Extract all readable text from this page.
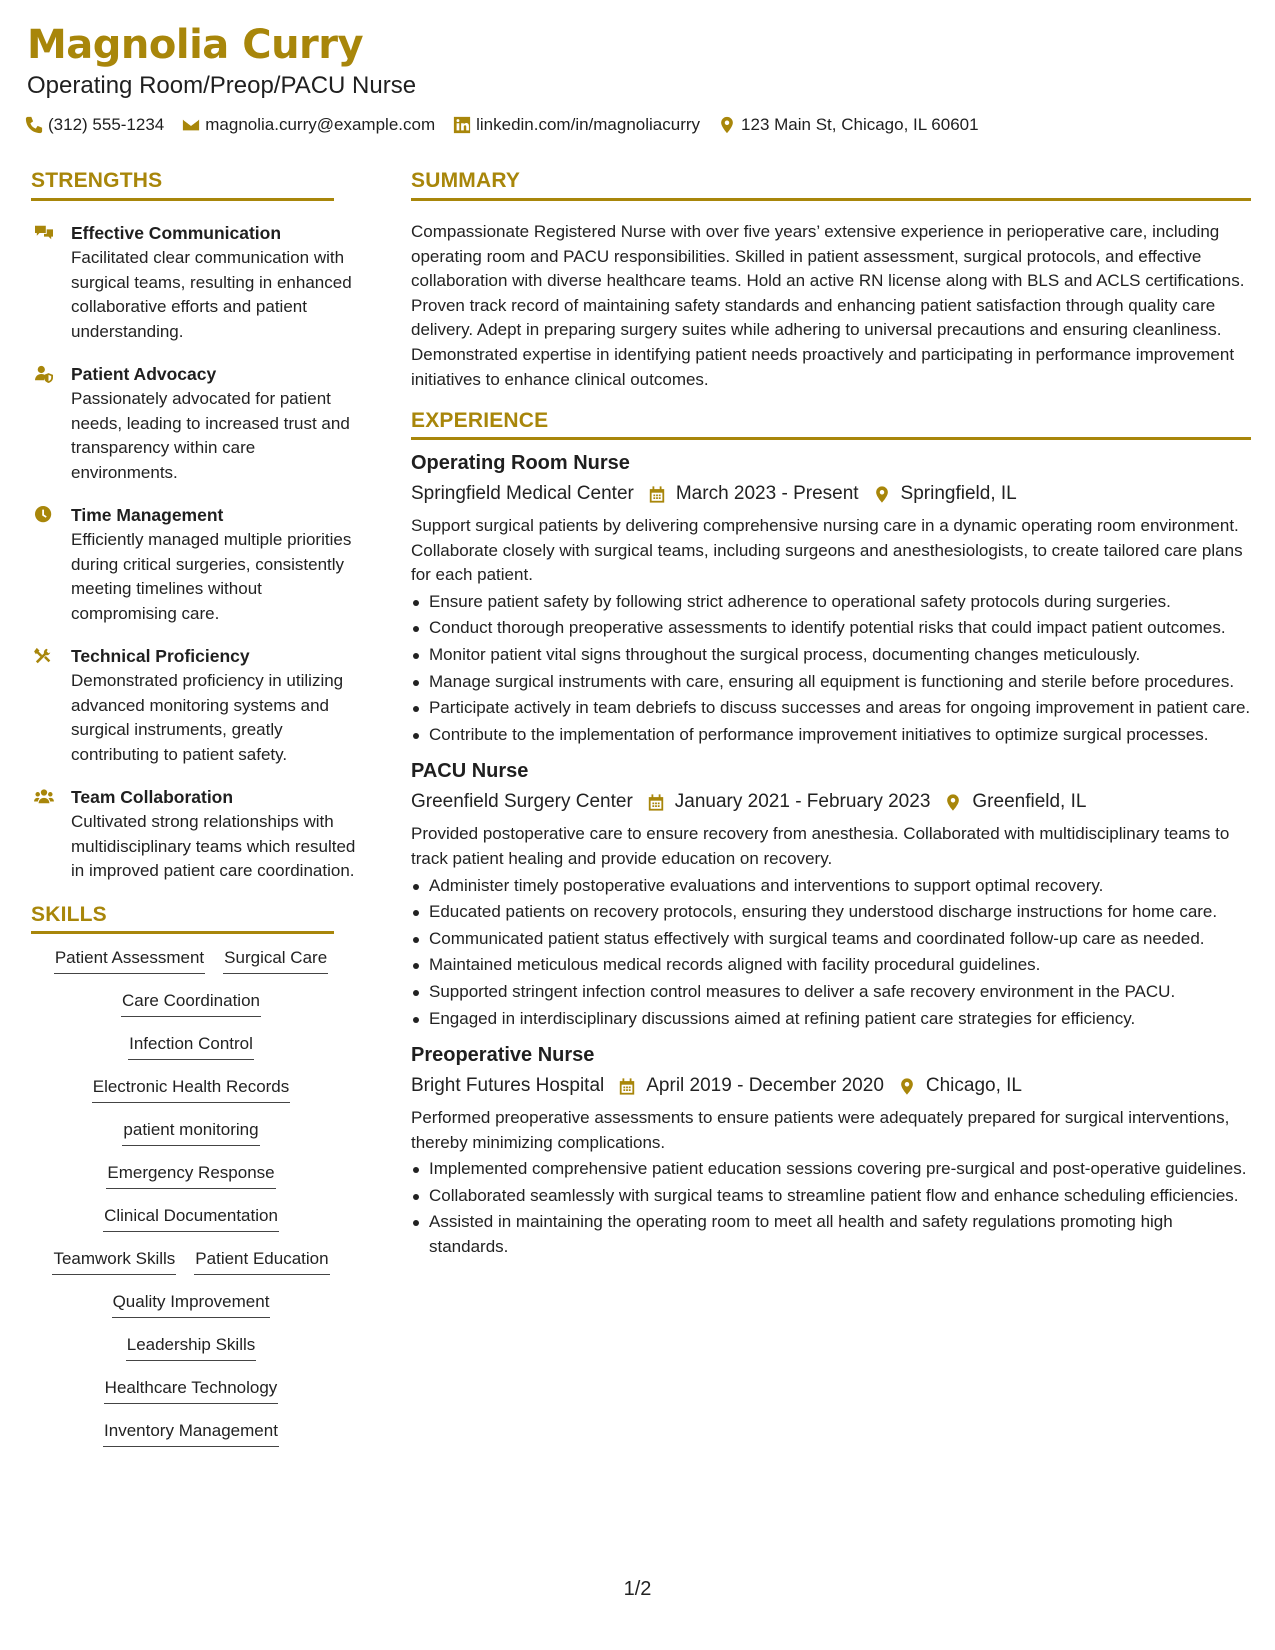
Magnolia Curry
Operating Room/Preop/PACU Nurse
(312) 555-1234 magnolia.curry@example.com linkedin.com/in/magnoliacurry 123 Main St, Chicago, IL 60601
STRENGTHS
Effective Communication
Facilitated clear communication with surgical teams, resulting in enhanced collaborative efforts and patient understanding.
Patient Advocacy
Passionately advocated for patient needs, leading to increased trust and transparency within care environments.
Time Management
Efficiently managed multiple priorities during critical surgeries, consistently meeting timelines without compromising care.
Technical Proficiency
Demonstrated proficiency in utilizing advanced monitoring systems and surgical instruments, greatly contributing to patient safety.
Team Collaboration
Cultivated strong relationships with multidisciplinary teams which resulted in improved patient care coordination.
SKILLS
Patient Assessment Surgical Care
Care Coordination
Infection Control
Electronic Health Records
patient monitoring
Emergency Response
Clinical Documentation
Teamwork Skills Patient Education
Quality Improvement
Leadership Skills
Healthcare Technology
Inventory Management
SUMMARY
Compassionate Registered Nurse with over five years’ extensive experience in perioperative care, including operating room and PACU responsibilities. Skilled in patient assessment, surgical protocols, and effective collaboration with diverse healthcare teams. Hold an active RN license along with BLS and ACLS certifications. Proven track record of maintaining safety standards and enhancing patient satisfaction through quality care delivery. Adept in preparing surgery suites while adhering to universal precautions and ensuring cleanliness. Demonstrated expertise in identifying patient needs proactively and participating in performance improvement initiatives to enhance clinical outcomes.
EXPERIENCE
Operating Room Nurse
Springfield Medical Center March 2023 - Present Springfield, IL
Support surgical patients by delivering comprehensive nursing care in a dynamic operating room environment. Collaborate closely with surgical teams, including surgeons and anesthesiologists, to create tailored care plans for each patient.
Ensure patient safety by following strict adherence to operational safety protocols during surgeries.
Conduct thorough preoperative assessments to identify potential risks that could impact patient outcomes.
Monitor patient vital signs throughout the surgical process, documenting changes meticulously.
Manage surgical instruments with care, ensuring all equipment is functioning and sterile before procedures.
Participate actively in team debriefs to discuss successes and areas for ongoing improvement in patient care.
Contribute to the implementation of performance improvement initiatives to optimize surgical processes.
PACU Nurse
Greenfield Surgery Center January 2021 - February 2023 Greenfield, IL
Provided postoperative care to ensure recovery from anesthesia. Collaborated with multidisciplinary teams to track patient healing and provide education on recovery.
Administer timely postoperative evaluations and interventions to support optimal recovery.
Educated patients on recovery protocols, ensuring they understood discharge instructions for home care.
Communicated patient status effectively with surgical teams and coordinated follow-up care as needed.
Maintained meticulous medical records aligned with facility procedural guidelines.
Supported stringent infection control measures to deliver a safe recovery environment in the PACU.
Engaged in interdisciplinary discussions aimed at refining patient care strategies for efficiency.
Preoperative Nurse
Bright Futures Hospital April 2019 - December 2020 Chicago, IL
Performed preoperative assessments to ensure patients were adequately prepared for surgical interventions, thereby minimizing complications.
Implemented comprehensive patient education sessions covering pre-surgical and post-operative guidelines.
Collaborated seamlessly with surgical teams to streamline patient flow and enhance scheduling efficiencies.
Assisted in maintaining the operating room to meet all health and safety regulations promoting high standards.
1/2
